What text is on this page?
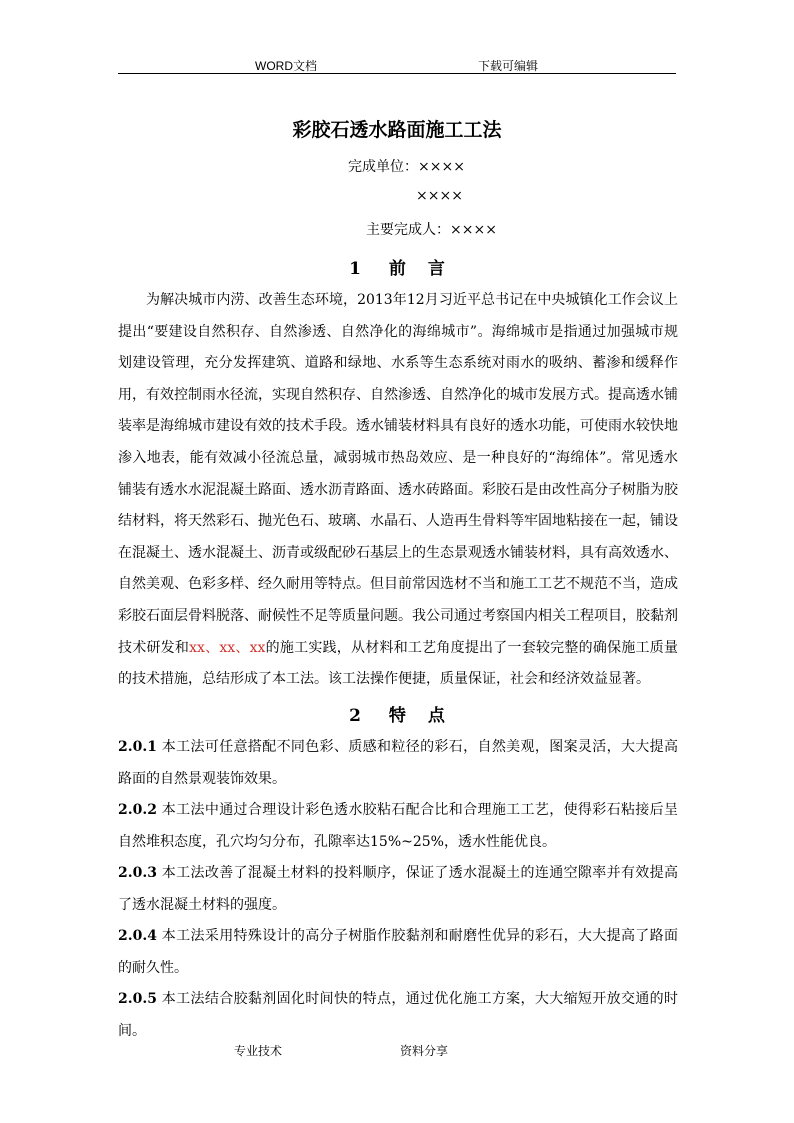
WORD文档	下载可编辑
彩胶石透水路面施工工法
完成单位：××××
××××
主要完成人：××××
1 前 言

为解决城市内涝、改善生态环境，2013年12月习近平总书记在中央城镇化工作会议上提出“要建设自然积存、自然渗透、自然净化的海绵城市”。海绵城市是指通过加强城市规划建设管理，充分发挥建筑、道路和绿地、水系等生态系统对雨水的吸纳、蓄渗和缓释作用，有效控制雨水径流，实现自然积存、自然渗透、自然净化的城市发展方式。提高透水铺装率是海绵城市建设有效的技术手段。透水铺装材料具有良好的透水功能，可使雨水较快地渗入地表，能有效减小径流总量，减弱城市热岛效应、是一种良好的“海绵体”。常见透水铺装有透水水泥混凝土路面、透水沥青路面、透水砖路面。彩胶石是由改性高分子树脂为胶结材料，将天然彩石、抛光色石、玻璃、水晶石、人造再生骨料等牢固地粘接在一起，铺设在混凝土、透水混凝土、沥青或级配砂石基层上的生态景观透水铺装材料，具有高效透水、自然美观、色彩多样、经久耐用等特点。但目前常因选材不当和施工工艺不规范不当，造成彩胶石面层骨料脱落、耐候性不足等质量问题。我公司通过考察国内相关工程项目，胶黏剂技术研发和xx、xx、xx的施工实践，从材料和工艺角度提出了一套较完整的确保施工质量的技术措施，总结形成了本工法。该工法操作便捷，质量保证，社会和经济效益显著。

2 特 点

2.0.1 本工法可任意搭配不同色彩、质感和粒径的彩石，自然美观，图案灵活，大大提高路面的自然景观装饰效果。

2.0.2 本工法中通过合理设计彩色透水胶粘石配合比和合理施工工艺，使得彩石粘接后呈自然堆积态度，孔穴均匀分布，孔隙率达15%~25%，透水性能优良。

2.0.3 本工法改善了混凝土材料的投料顺序，保证了透水混凝土的连通空隙率并有效提高了透水混凝土材料的强度。

2.0.4 本工法采用特殊设计的高分子树脂作胶黏剂和耐磨性优异的彩石，大大提高了路面的耐久性。

2.0.5 本工法结合胶黏剂固化时间快的特点，通过优化施工方案，大大缩短开放交通的时间。

专业技术	资料分享
